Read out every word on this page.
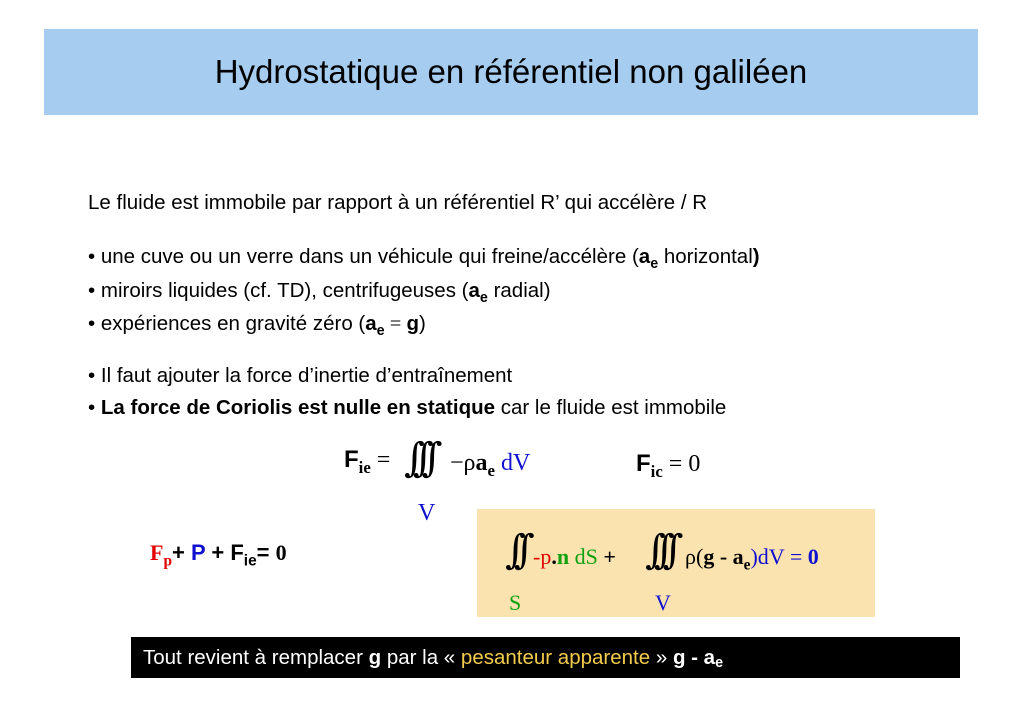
Hydrostatique en référentiel non galiléen
Le fluide est immobile par rapport à un référentiel R’ qui accélère / R
• une cuve ou un verre dans un véhicule qui freine/accélère ($a_e$ horizontal)
• miroirs liquides (cf. TD), centrifugeuses ($a_e$ radial)
• expériences en gravité zéro $(a_e = g)$
• Il faut ajouter la force d’inertie d’entraînement
• La force de Coriolis est nulle en statique car le fluide est immobile
$F_{ie}$ = ∫∫∫ $-\rho a_e$ dV
V
$F_{ic} = 0$
$F_p+ P + F_{ie}= 0$	∫∫ -p.n dS + ∫∫∫ $\rho(g - a_e)dV = 0$
S	V
Tout revient à remplacer g par la « pesanteur apparente » g - a $_e$
